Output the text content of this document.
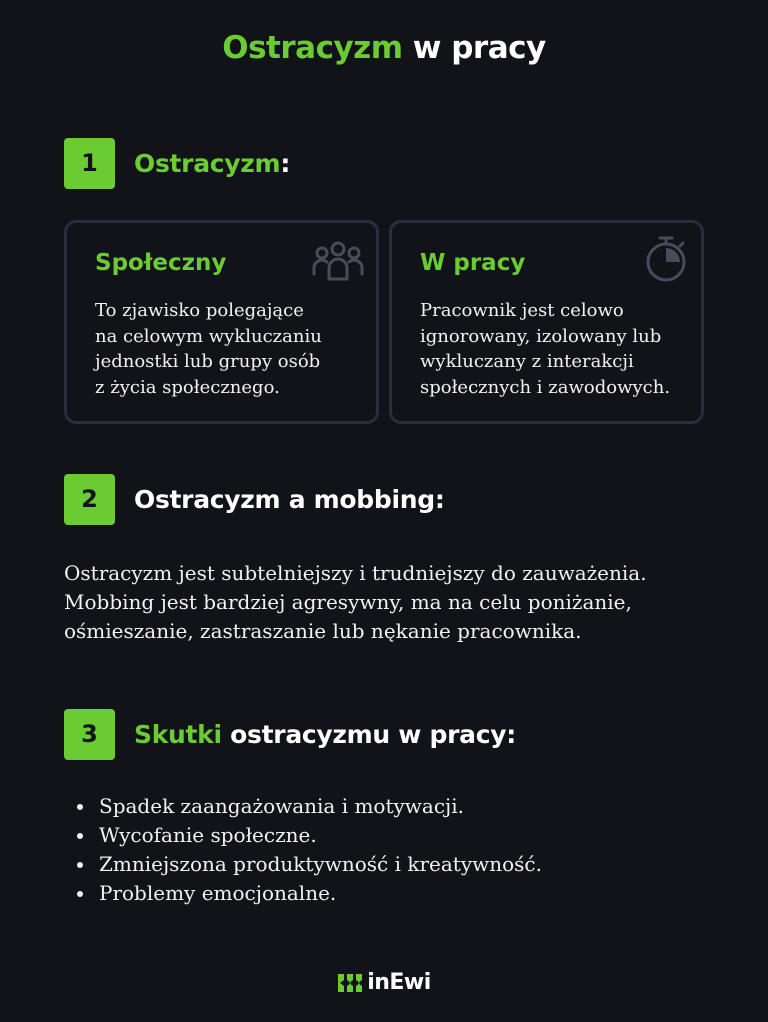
Ostracyzm w pracy
1	Ostracyzm:
Społeczny
To zjawisko polegające
na celowym wykluczaniu
jednostki lub grupy osób
z życia społecznego.
W pracy
Pracownik jest celowo
ignorowany, izolowany lub
wykluczany z interakcji
społecznych i zawodowych.
2	Ostracyzm a mobbing:
Ostracyzm jest subtelniejszy i trudniejszy do zauważenia.
Mobbing jest bardziej agresywny, ma na celu poniżanie,
ośmieszanie, zastraszanie lub nękanie pracownika.
3	Skutki ostracyzmu w pracy:
Spadek zaangażowania i motywacji.
Wycofanie społeczne.
Zmniejszona produktywność i kreatywność.
Problemy emocjonalne.
inEwi
